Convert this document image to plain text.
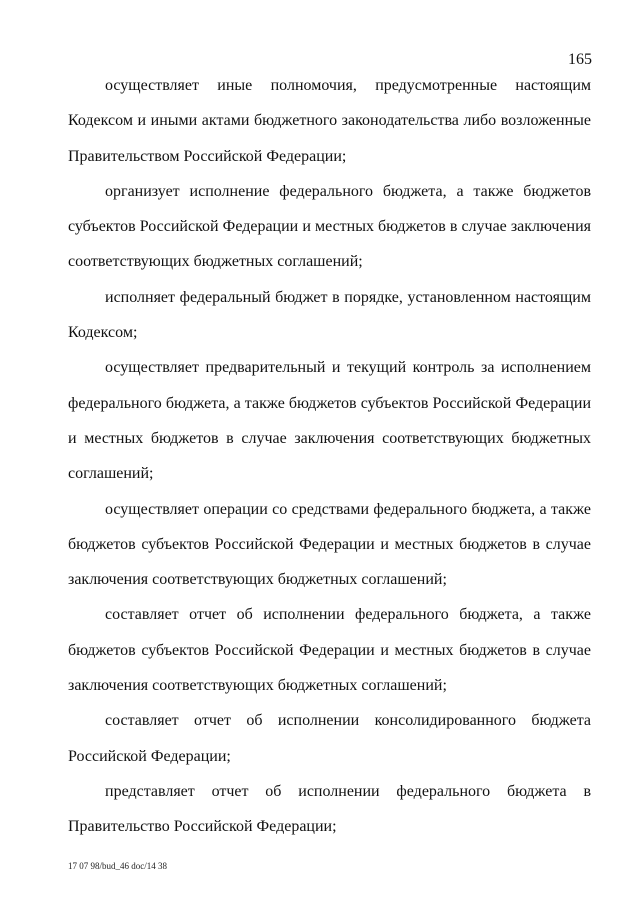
165

осуществляет иные полномочия, предусмотренные настоящим Кодексом и иными актами бюджетного законодательства либо возложенные Правительством Российской Федерации;

организует исполнение федерального бюджета, а также бюджетов субъектов Российской Федерации и местных бюджетов в случае заключения соответствующих бюджетных соглашений;

исполняет федеральный бюджет в порядке, установленном настоящим Кодексом;

осуществляет предварительный и текущий контроль за исполнением федерального бюджета, а также бюджетов субъектов Российской Федерации и местных бюджетов в случае заключения соответствующих бюджетных соглашений;

осуществляет операции со средствами федерального бюджета, а также бюджетов субъектов Российской Федерации и местных бюджетов в случае заключения соответствующих бюджетных соглашений;

составляет отчет об исполнении федерального бюджета, а также бюджетов субъектов Российской Федерации и местных бюджетов в случае заключения соответствующих бюджетных соглашений;

составляет отчет об исполнении консолидированного бюджета Российской Федерации;

представляет отчет об исполнении федерального бюджета в Правительство Российской Федерации;

17 07 98/bud_46 doc/14 38
